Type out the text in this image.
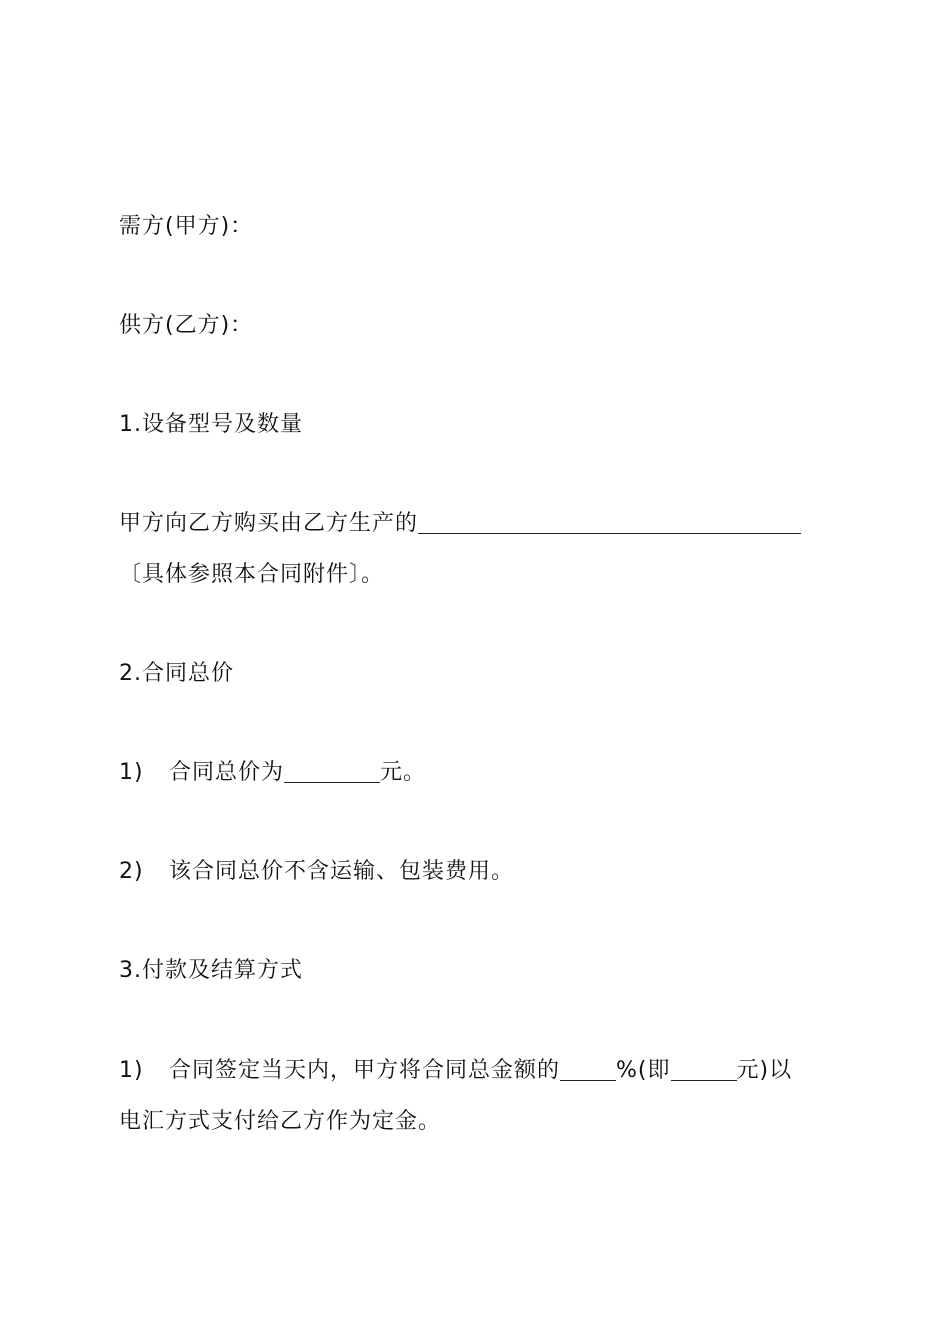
需方(甲方)：
供方(乙方)：
1.设备型号及数量
甲方向乙方购买由乙方生产的
〔具体参照本合同附件〕。
2.合同总价
1) 合同总价为	元。
2) 该合同总价不含运输、包装费用。
3.付款及结算方式
1) 合同签定当天内，甲方将合同总金额的	%(即	元)以
电汇方式支付给乙方作为定金。
